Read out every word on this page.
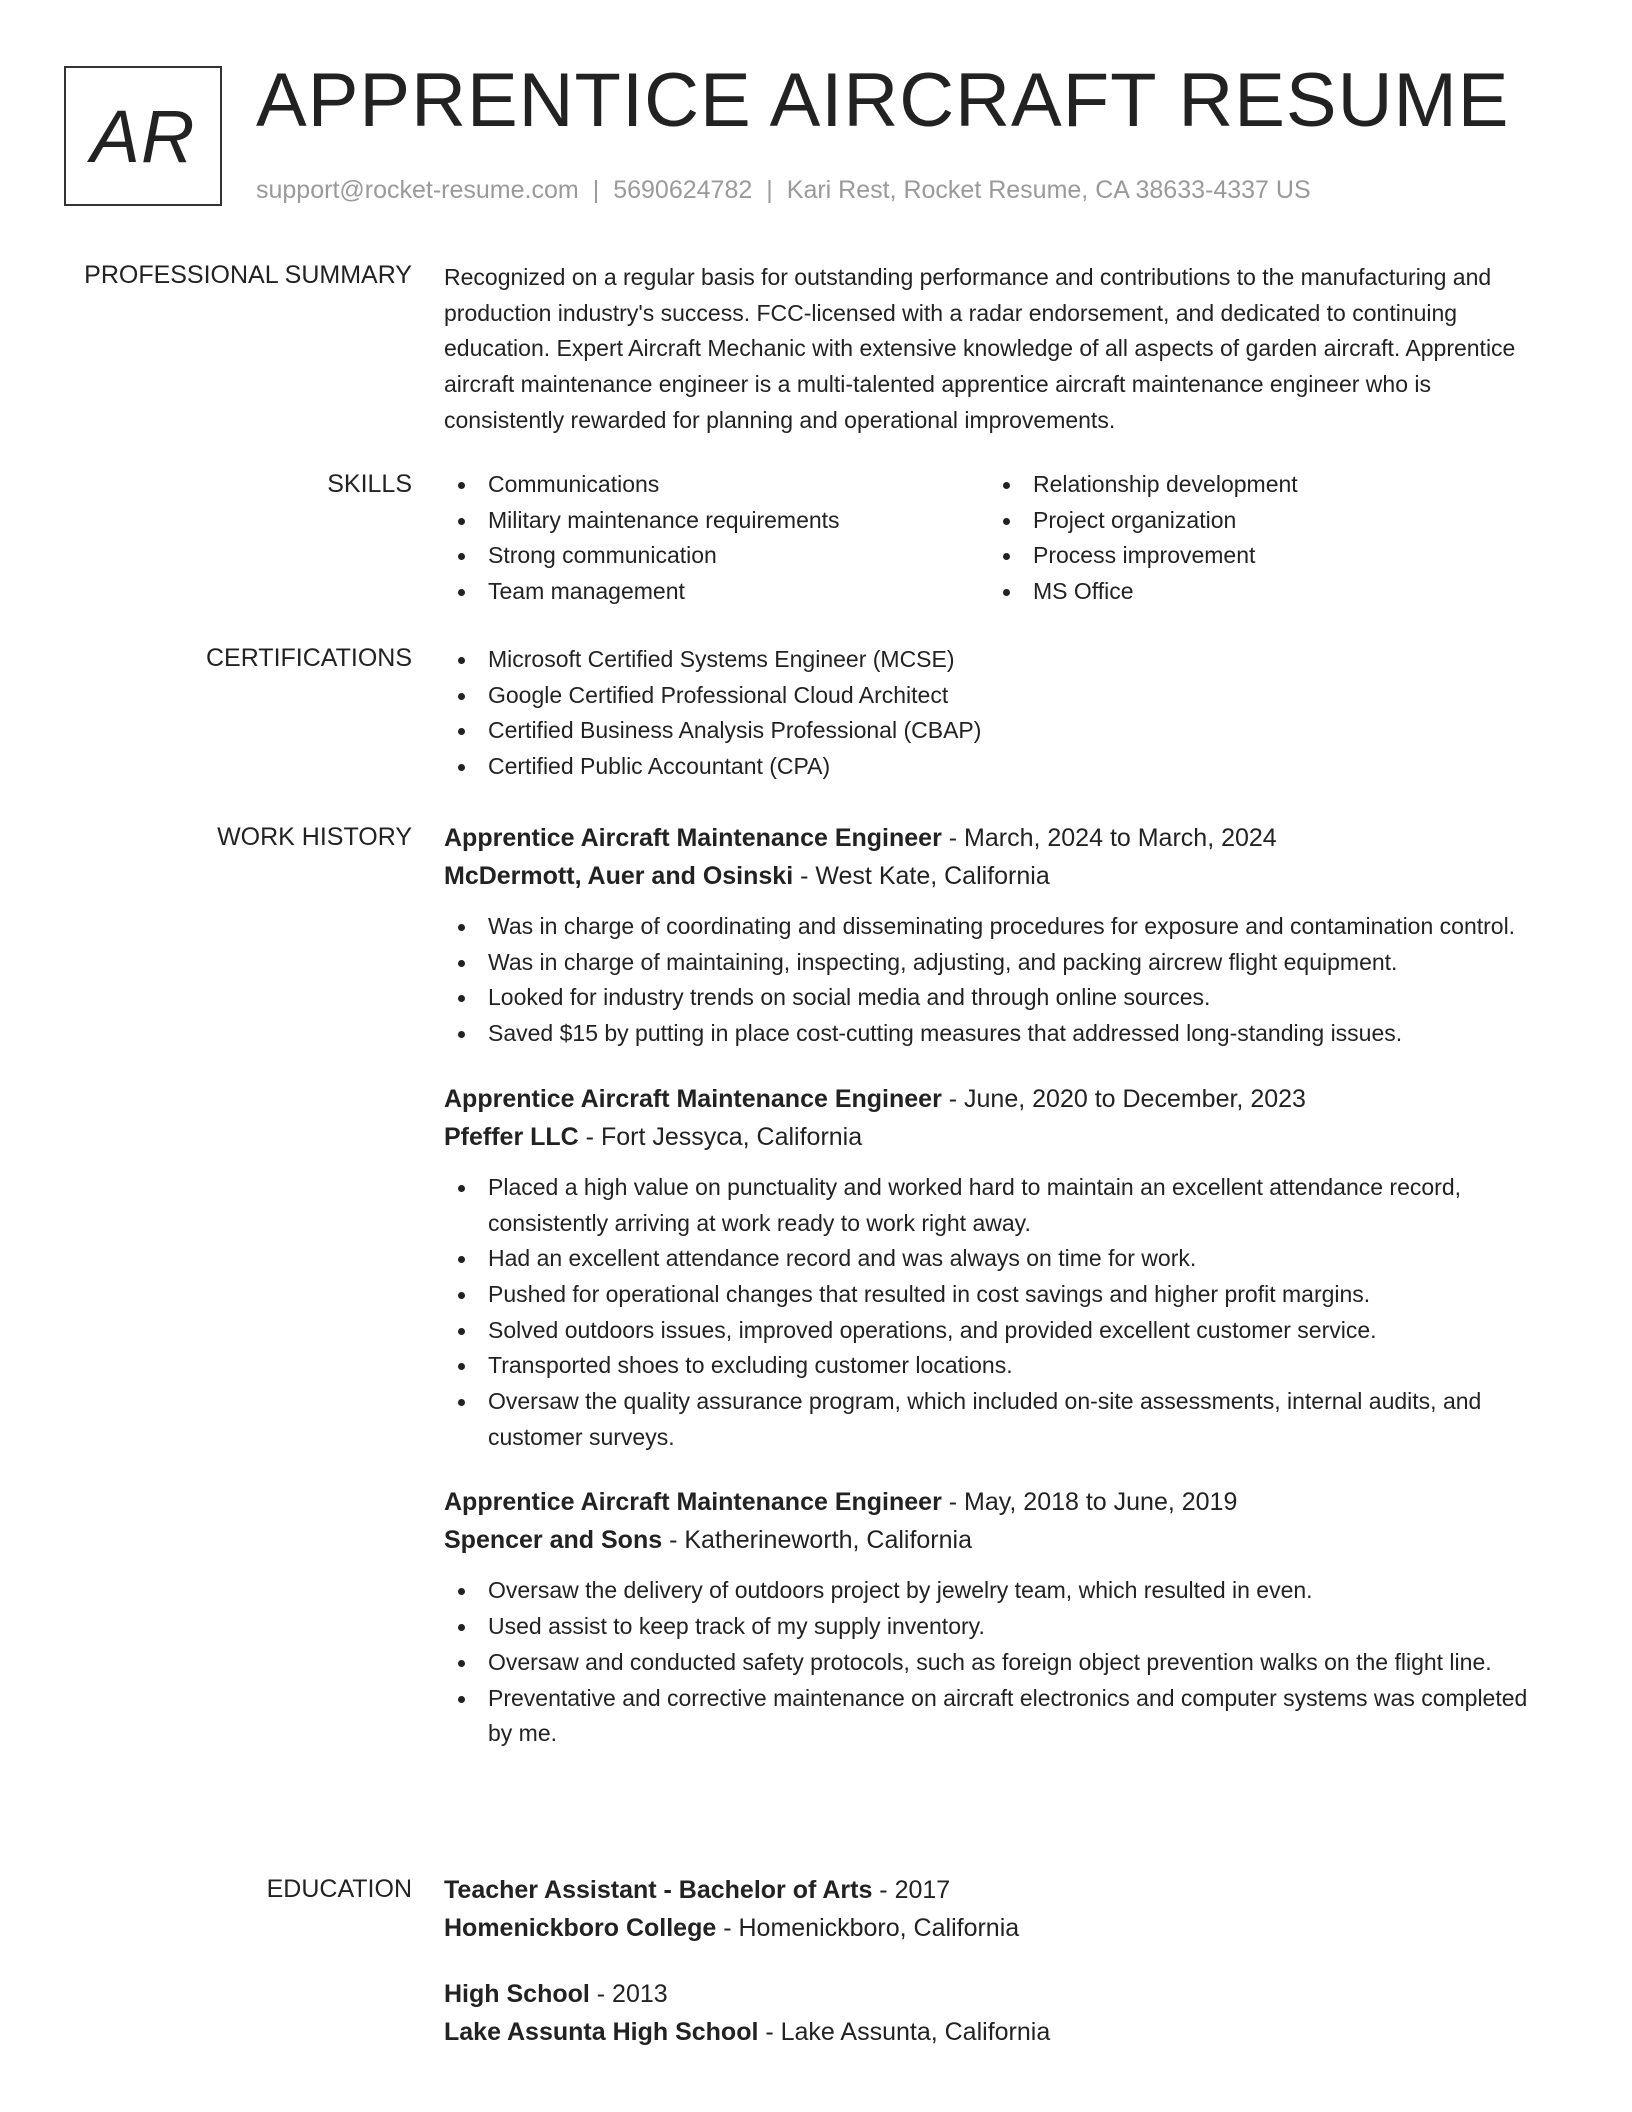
AR APPRENTICE AIRCRAFT RESUME
support@rocket-resume.com | 5690624782 | Kari Rest, Rocket Resume, CA 38633-4337 US
PROFESSIONAL SUMMARY Recognized on a regular basis for outstanding performance and contributions to the manufacturing and production industry's success. FCC-licensed with a radar endorsement, and dedicated to continuing education. Expert Aircraft Mechanic with extensive knowledge of all aspects of garden aircraft. Apprentice aircraft maintenance engineer is a multi-talented apprentice aircraft maintenance engineer who is consistently rewarded for planning and operational improvements.

SKILLS	Communications
Military maintenance requirements
Strong communication
Team management
Relationship development
Project organization
Process improvement
MS Office
CERTIFICATIONS	Microsoft Certified Systems Engineer (MCSE)
Google Certified Professional Cloud Architect
Certified Business Analysis Professional (CBAP)
Certified Public Accountant (CPA)
WORK HISTORY Apprentice Aircraft Maintenance Engineer - March, 2024 to March, 2024
McDermott, Auer and Osinski - West Kate, California
Was in charge of coordinating and disseminating procedures for exposure and contamination control.
Was in charge of maintaining, inspecting, adjusting, and packing aircrew flight equipment.
Looked for industry trends on social media and through online sources.
Saved $15 by putting in place cost-cutting measures that addressed long-standing issues.
Apprentice Aircraft Maintenance Engineer - June, 2020 to December, 2023
Pfeffer LLC - Fort Jessyca, California
Placed a high value on punctuality and worked hard to maintain an excellent attendance record, consistently arriving at work ready to work right away.
Had an excellent attendance record and was always on time for work.
Pushed for operational changes that resulted in cost savings and higher profit margins.
Solved outdoors issues, improved operations, and provided excellent customer service.
Transported shoes to excluding customer locations.
Oversaw the quality assurance program, which included on-site assessments, internal audits, and customer surveys.
Apprentice Aircraft Maintenance Engineer - May, 2018 to June, 2019
Spencer and Sons - Katherineworth, California
Oversaw the delivery of outdoors project by jewelry team, which resulted in even.
Used assist to keep track of my supply inventory.
Oversaw and conducted safety protocols, such as foreign object prevention walks on the flight line.
Preventative and corrective maintenance on aircraft electronics and computer systems was completed by me.
EDUCATION Teacher Assistant - Bachelor of Arts - 2017
Homenickboro College - Homenickboro, California
High School - 2013
Lake Assunta High School - Lake Assunta, California
